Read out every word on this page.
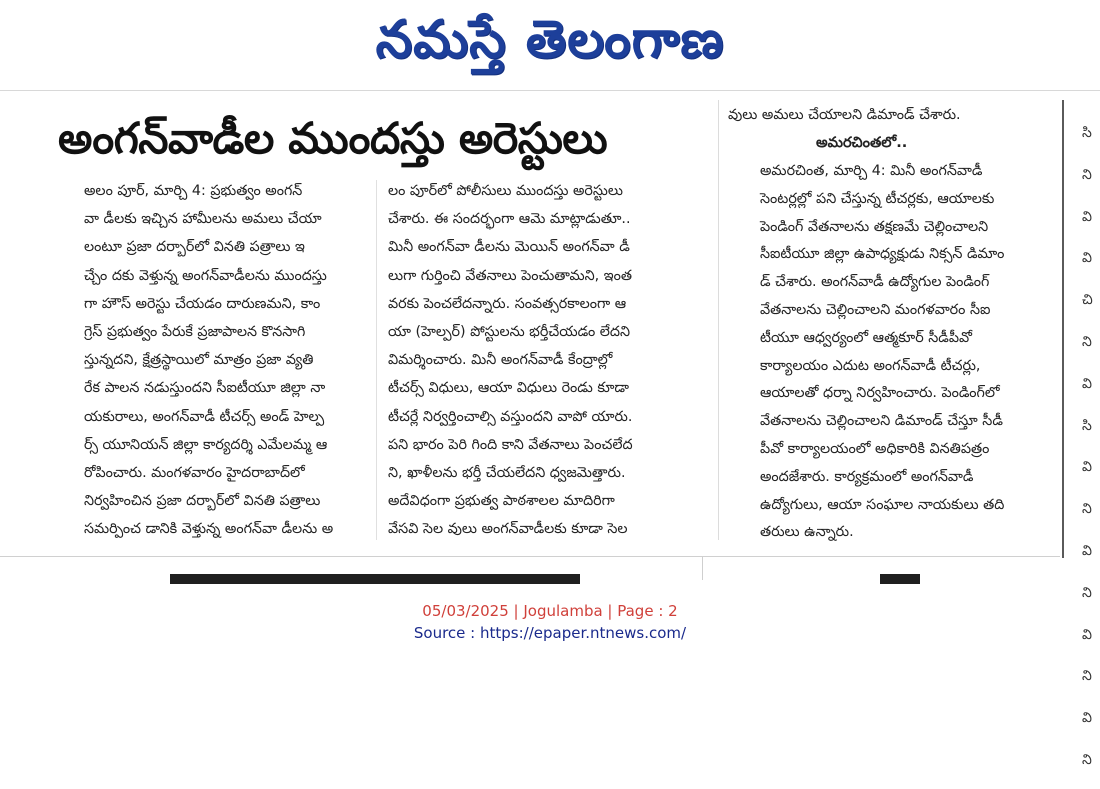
నమస్తే తెలంగాణ
అంగన్‌వాడీల ముందస్తు అరెస్టులు

అలం పూర్, మార్చి 4: ప్రభుత్వం అంగన్

వా డీలకు ఇచ్చిన హామీలను అమలు చేయా

లంటూ ప్రజా దర్బార్‌లో వినతి పత్రాలు ఇ

చ్చేం దకు వెళ్తున్న అంగన్‌వాడీలను ముందస్తు

గా హౌస్ అరెస్టు చేయడం దారుణమని, కాం

గ్రెస్ ప్రభుత్వం పేరుకే ప్రజాపాలన కొనసాగి

స్తున్నదని, క్షేత్రస్థాయిలో మాత్రం ప్రజా వ్యతి

రేక పాలన నడుస్తుందని సీఐటీయూ జిల్లా నా

యకురాలు, అంగన్‌వాడీ టీచర్స్ అండ్ హెల్ప

ర్స్ యూనియన్ జిల్లా కార్యదర్శి ఎమేలమ్మ ఆ

రోపించారు. మంగళవారం హైదరాబాద్‌లో

నిర్వహించిన ప్రజా దర్బార్‌లో వినతి పత్రాలు

సమర్పించ డానికి వెళ్తున్న అంగన్‌వా డీలను అ

లం పూర్‌లో పోలీసులు ముందస్తు అరెస్టులు

చేశారు. ఈ సందర్భంగా ఆమె మాట్లాడుతూ..

మినీ అంగన్‌వా డీలను మెయిన్ అంగన్‌వా డీ

లుగా గుర్తించి వేతనాలు పెంచుతామని, ఇంత

వరకు పెంచలేదన్నారు. సంవత్సరకాలంగా ఆ

యా (హెల్పర్) పోస్టులను భర్తీచేయడం లేదని

విమర్శించారు. మినీ అంగన్‌వాడీ కేంద్రాల్లో

టీచర్స్ విధులు, ఆయా విధులు రెండు కూడా

టీచర్లే నిర్వర్తించాల్సి వస్తుందని వాపో యారు.

పని భారం పెరి గింది కాని వేతనాలు పెంచలేద

ని, ఖాళీలను భర్తీ చేయలేదని ధ్వజమెత్తారు.

అదేవిధంగా ప్రభుత్వ పాఠశాలల మాదిరిగా

వేసవి సెల వులు అంగన్‌వాడీలకు కూడా సెల

వులు అమలు చేయాలని డిమాండ్ చేశారు.
అమరచింతలో..

అమరచింత, మార్చి 4: మినీ అంగన్‌వాడీ

సెంటర్లల్లో పని చేస్తున్న టీచర్లకు, ఆయాలకు

పెండింగ్ వేతనాలను తక్షణమే చెల్లించాలని

సీఐటీయూ జిల్లా ఉపాధ్యక్షుడు నిక్సన్ డిమాం

డ్ చేశారు. అంగన్‌వాడీ ఉద్యోగుల పెండింగ్

వేతనాలను చెల్లించాలని మంగళవారం సీఐ

టీయూ ఆధ్వర్యంలో ఆత్మకూర్ సీడీపీవో

కార్యాలయం ఎదుట అంగన్‌వాడీ టీచర్లు,

ఆయాలతో ధర్నా నిర్వహించారు. పెండింగ్‌లో

వేతనాలను చెల్లించాలని డిమాండ్ చేస్తూ సీడీ

పీవో కార్యాలయంలో అధికారికి వినతిపత్రం

అందజేశారు. కార్యక్రమంలో అంగన్‌వాడీ

ఉద్యోగులు, ఆయా సంఘాల నాయకులు తది

తరులు ఉన్నారు.

సి

ని

వి

వి

చి

ని

వి

సి

వి

ని

వి

ని

వి

ని

వి

ని

05/03/2025 | Jogulamba | Page : 2
Source : https://epaper.ntnews.com/
